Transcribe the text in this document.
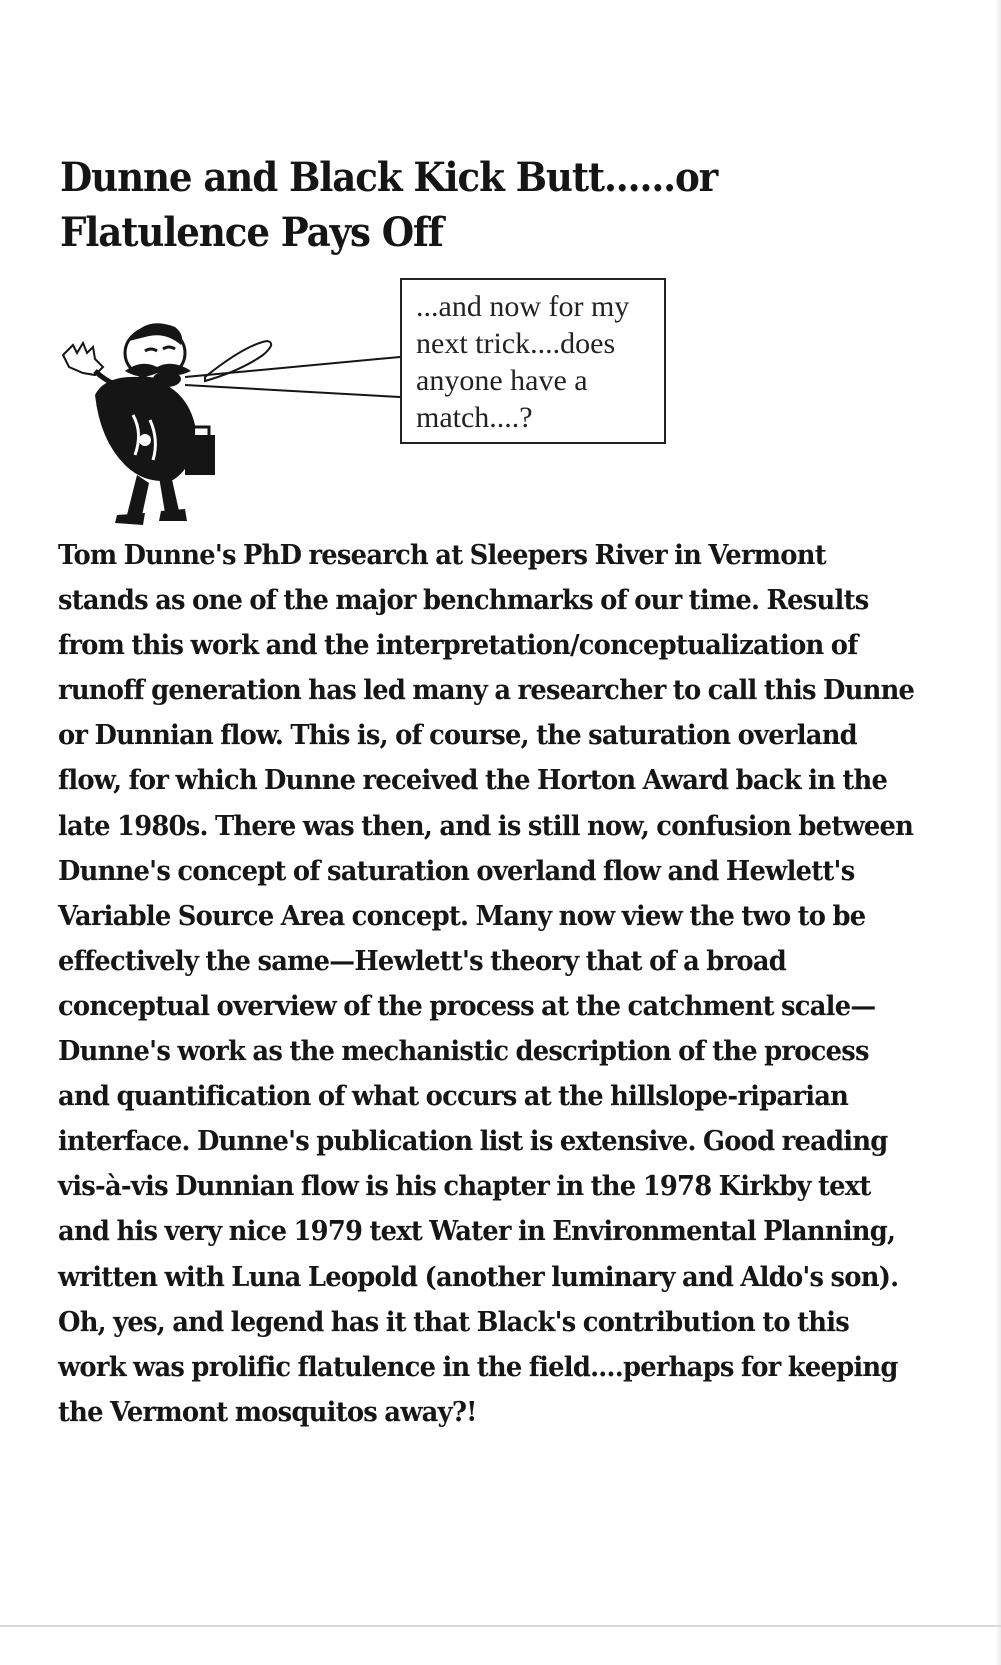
Dunne and Black Kick Butt......or Flatulence Pays Off
...and now for my next trick....does anyone have a match....?

Tom Dunne's PhD research at Sleepers River in Vermont stands as one of the major benchmarks of our time. Results from this work and the interpretation/conceptualization of runoff generation has led many a researcher to call this Dunne or Dunnian flow. This is, of course, the saturation overland flow, for which Dunne received the Horton Award back in the late 1980s. There was then, and is still now, confusion between Dunne's concept of saturation overland flow and Hewlett's Variable Source Area concept. Many now view the two to be effectively the same—Hewlett's theory that of a broad conceptual overview of the process at the catchment scale—Dunne's work as the mechanistic description of the process and quantification of what occurs at the hillslope-riparian interface. Dunne's publication list is extensive. Good reading vis-à-vis Dunnian flow is his chapter in the 1978 Kirkby text and his very nice 1979 text Water in Environmental Planning, written with Luna Leopold (another luminary and Aldo's son). Oh, yes, and legend has it that Black's contribution to this work was prolific flatulence in the field....perhaps for keeping the Vermont mosquitos away?!
